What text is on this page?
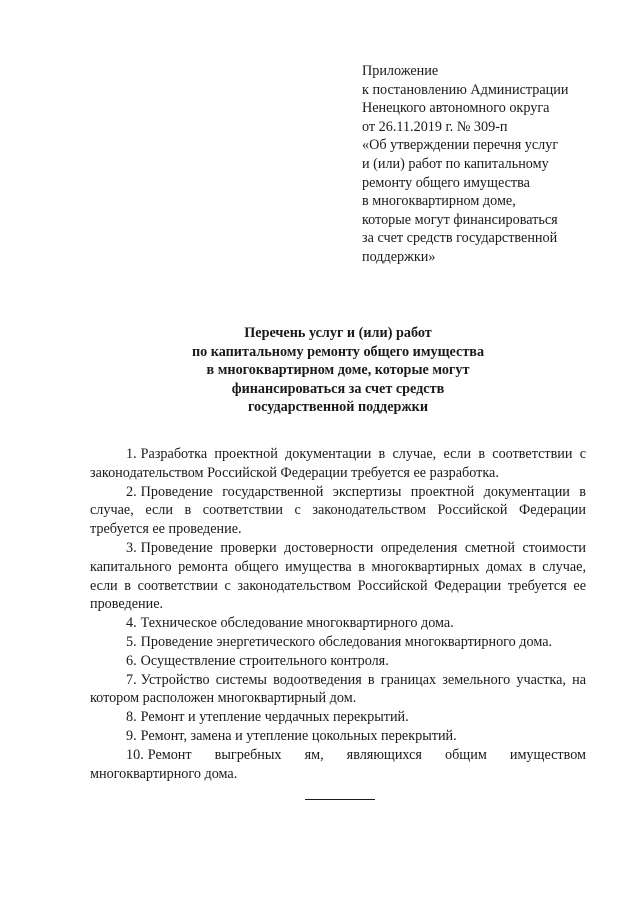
Приложение
к постановлению Администрации
Ненецкого автономного округа
от 26.11.2019 г. № 309-п
«Об утверждении перечня услуг
и (или) работ по капитальному
ремонту общего имущества
в многоквартирном доме,
которые могут финансироваться
за счет средств государственной
поддержки»
Перечень услуг и (или) работ
по капитальному ремонту общего имущества
в многоквартирном доме, которые могут
финансироваться за счет средств
государственной поддержки

1. Разработка проектной документации в случае, если в соответствии с законодательством Российской Федерации требуется ее разработка.

2. Проведение государственной экспертизы проектной документации в случае, если в соответствии с законодательством Российской Федерации требуется ее проведение.

3. Проведение проверки достоверности определения сметной стоимости капитального ремонта общего имущества в многоквартирных домах в случае, если в соответствии с законодательством Российской Федерации требуется ее проведение.

4. Техническое обследование многоквартирного дома.

5. Проведение энергетического обследования многоквартирного дома.

6. Осуществление строительного контроля.

7. Устройство системы водоотведения в границах земельного участка, на котором расположен многоквартирный дом.

8. Ремонт и утепление чердачных перекрытий.

9. Ремонт, замена и утепление цокольных перекрытий.

10. Ремонт выгребных ям, являющихся общим имуществом многоквартирного дома.
